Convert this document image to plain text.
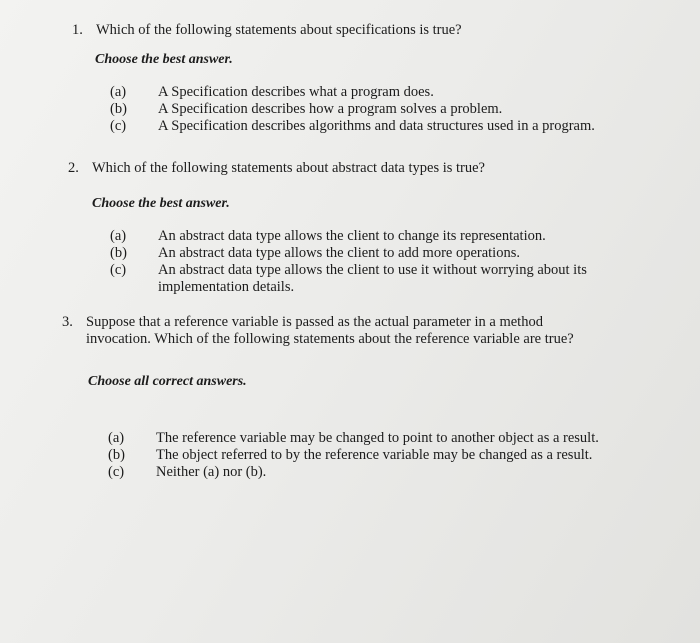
1. Which of the following statements about specifications is true?
Choose the best answer.
(a) A Specification describes what a program does.
(b) A Specification describes how a program solves a problem.
(c) A Specification describes algorithms and data structures used in a program.
2. Which of the following statements about abstract data types is true?
Choose the best answer.
(a) An abstract data type allows the client to change its representation.
(b) An abstract data type allows the client to add more operations.
(c) An abstract data type allows the client to use it without worrying about its implementation details.
3. Suppose that a reference variable is passed as the actual parameter in a method
invocation. Which of the following statements about the reference variable are true?
Choose all correct answers.
(a) The reference variable may be changed to point to another object as a result.
(b) The object referred to by the reference variable may be changed as a result.
(c) Neither (a) nor (b).
